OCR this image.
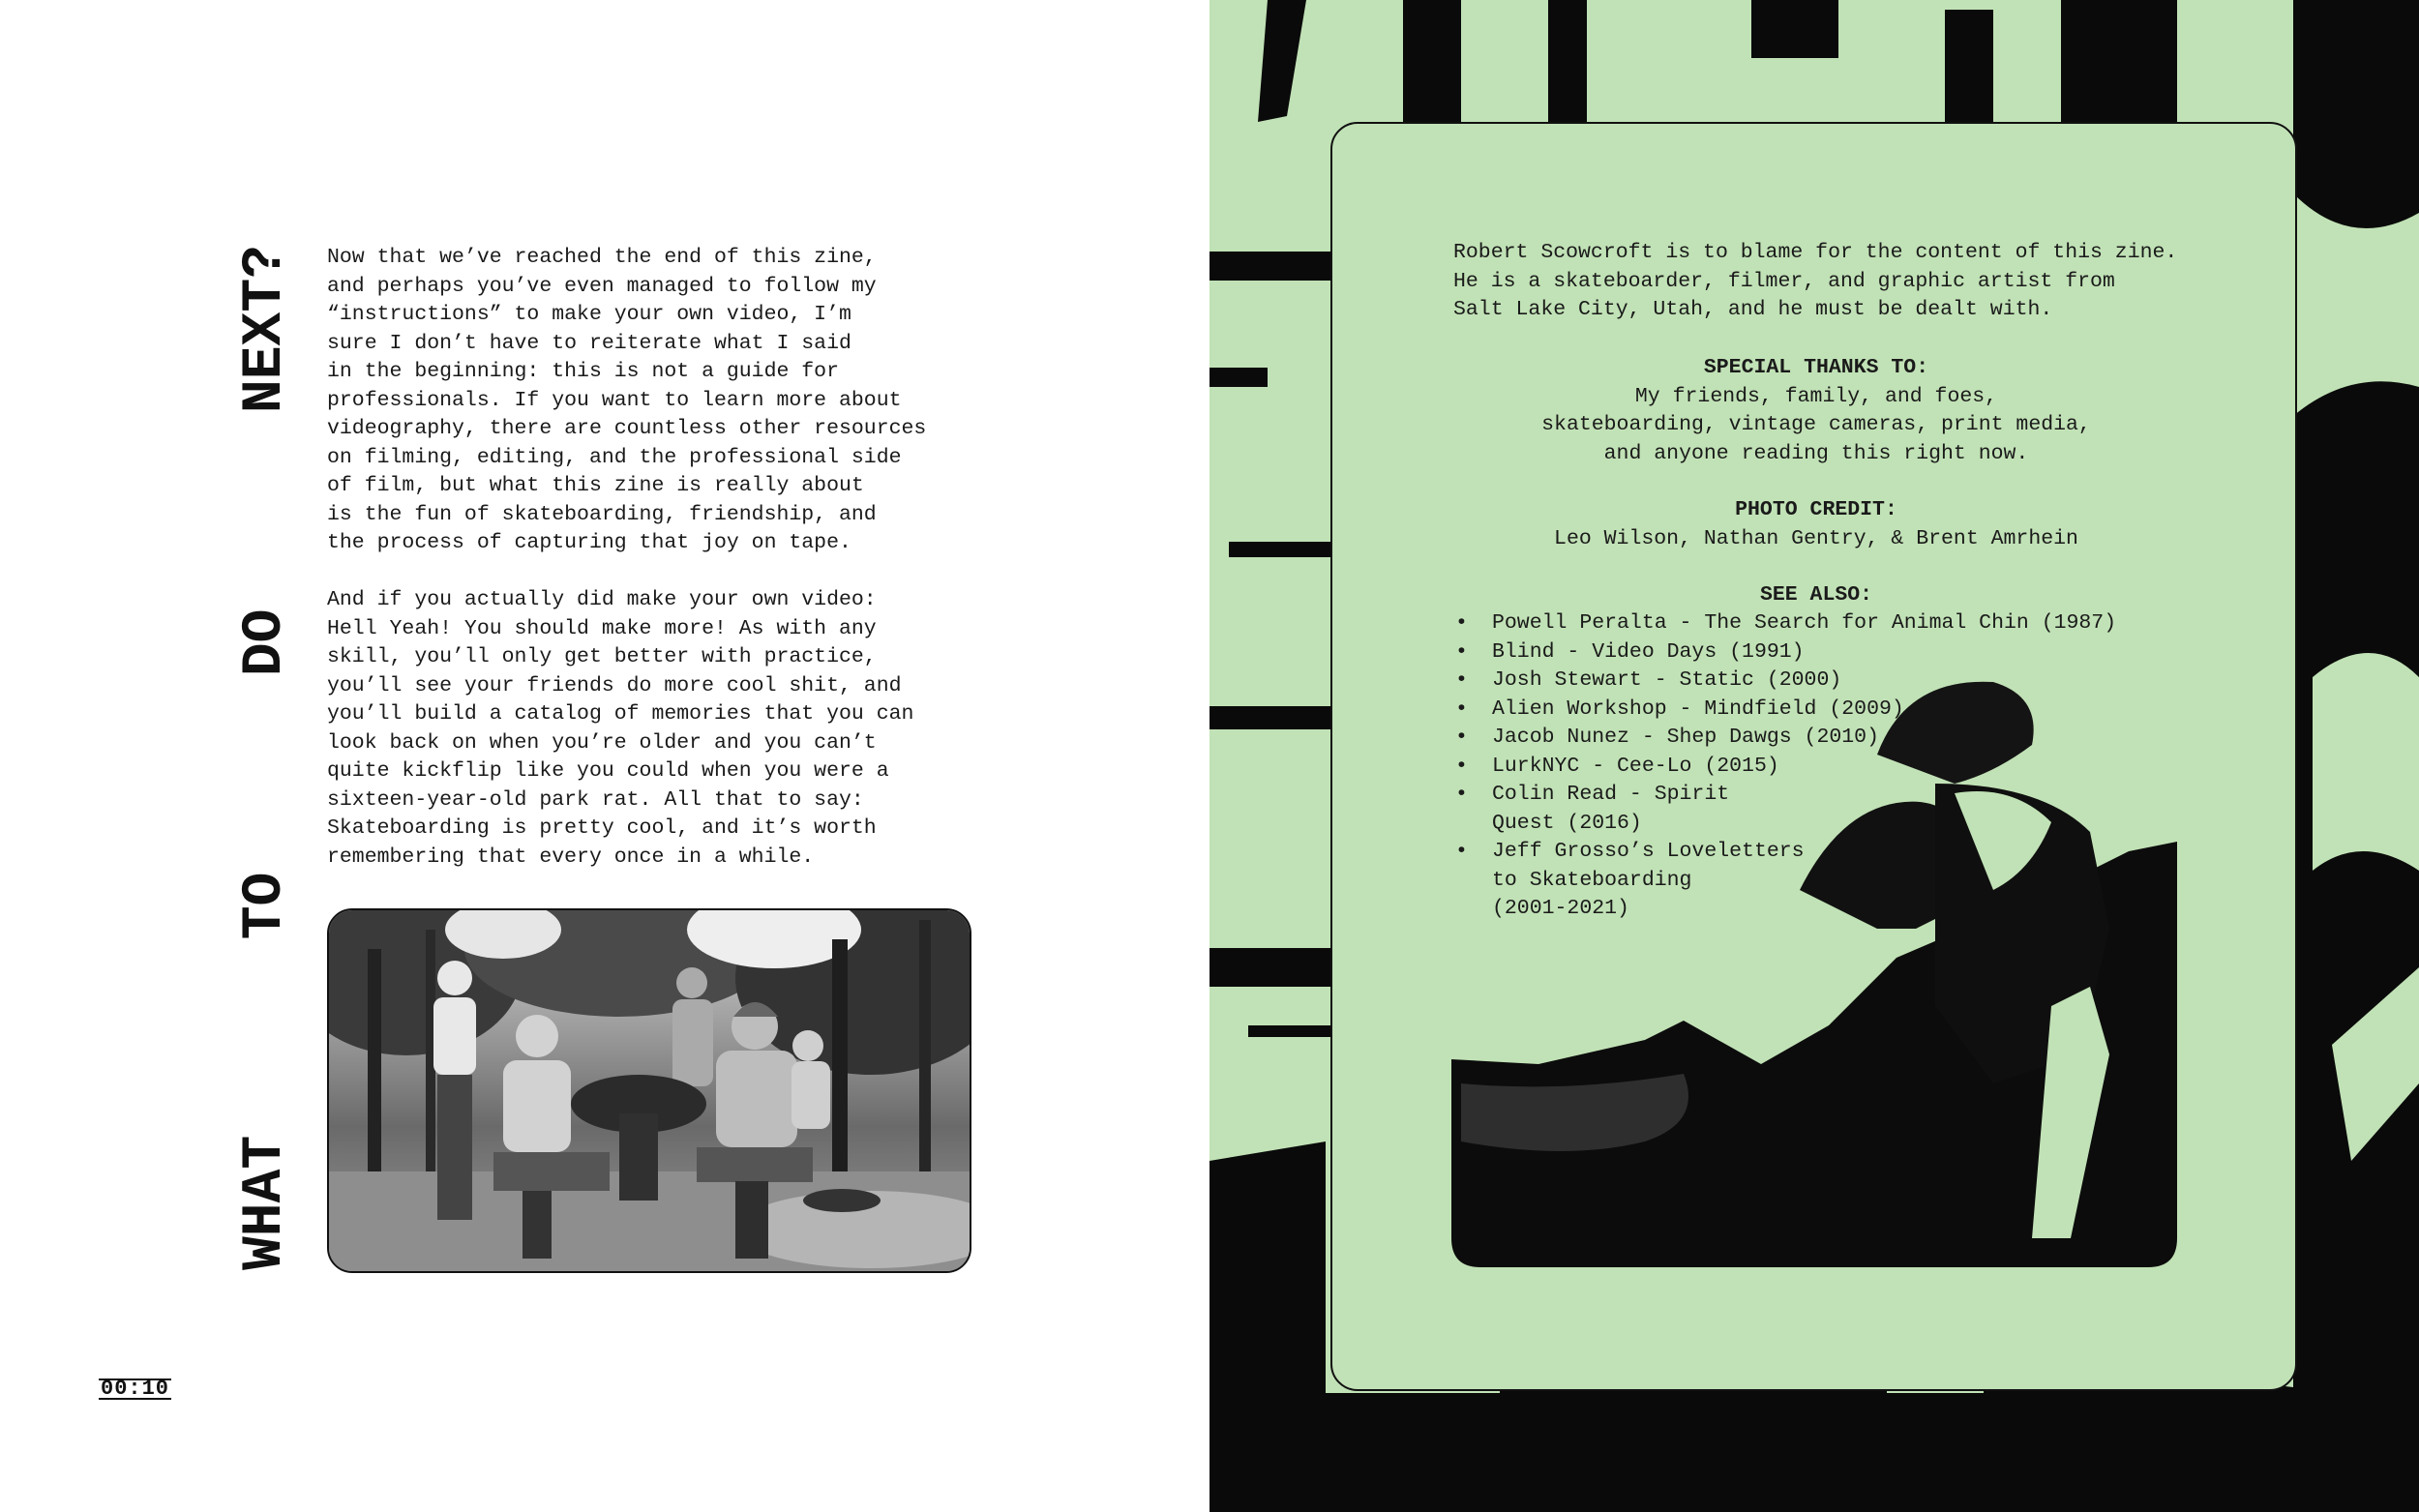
WHAT
TO
DO
NEXT? Now that we’ve reached the end of this zine,
and perhaps you’ve even managed to follow my
“instructions” to make your own video, I’m
sure I don’t have to reiterate what I said
in the beginning: this is not a guide for
professionals. If you want to learn more about
videography, there are countless other resources
on filming, editing, and the professional side
of film, but what this zine is really about
is the fun of skateboarding, friendship, and
the process of capturing that joy on tape.
And if you actually did make your own video:
Hell Yeah! You should make more! As with any
skill, you’ll only get better with practice,
you’ll see your friends do more cool shit, and
you’ll build a catalog of memories that you can
look back on when you’re older and you can’t
quite kickflip like you could when you were a
sixteen-year-old park rat. All that to say:
Skateboarding is pretty cool, and it’s worth
remembering that every once in a while.
00:10
Robert Scowcroft is to blame for the content of this zine.
He is a skateboarder, filmer, and graphic artist from
Salt Lake City, Utah, and he must be dealt with.
SPECIAL THANKS TO:
My friends, family, and foes,
skateboarding, vintage cameras, print media,
and anyone reading this right now.
PHOTO CREDIT:
Leo Wilson, Nathan Gentry, & Brent Amrhein
SEE ALSO:
• Powell Peralta - The Search for Animal Chin (1987)
• Blind - Video Days (1991)
• Josh Stewart - Static (2000)
• Alien Workshop - Mindfield (2009)
• Jacob Nunez - Shep Dawgs (2010)
• LurkNYC - Cee-Lo (2015)
• Colin Read - Spirit
Quest (2016)
• Jeff Grosso’s Loveletters
to Skateboarding
(2001-2021)
